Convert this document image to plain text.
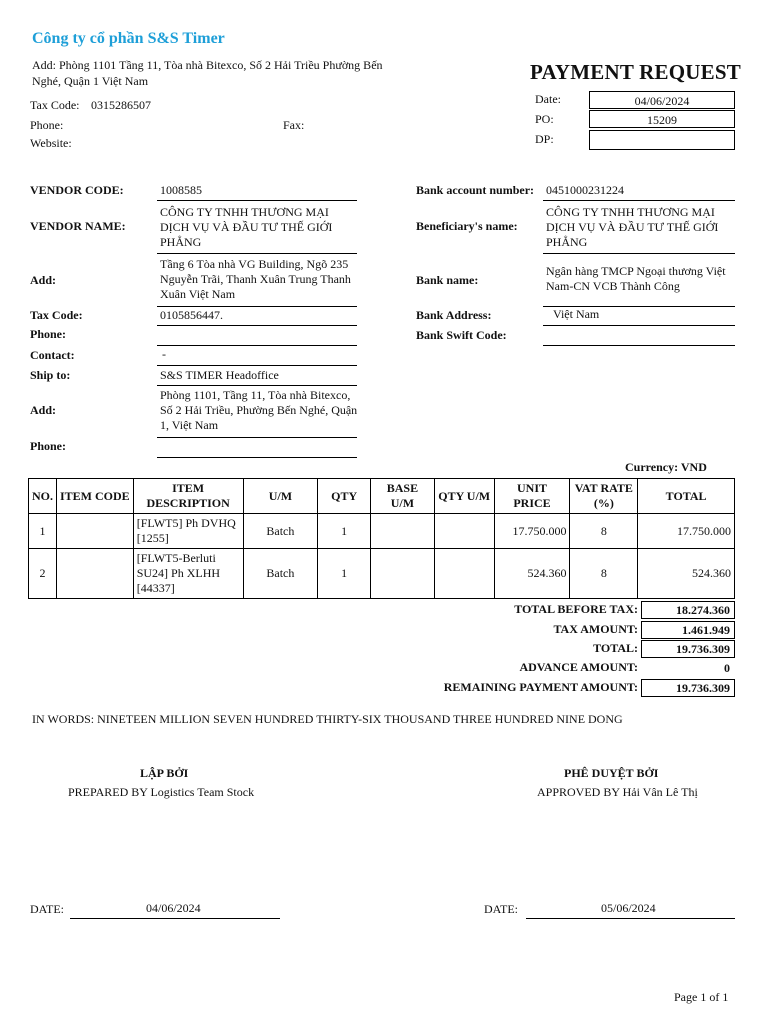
Công ty cổ phần S&S Timer
Add: Phòng 1101 Tầng 11, Tòa nhà Bitexco, Số 2 Hải Triều Phường Bến Nghé, Quận 1 Việt Nam
Tax Code: 0315286507
Phone:	Fax:
Website:
PAYMENT REQUEST
Date:	04/06/2024
PO:	15209
DP:
VENDOR CODE:	1008585
VENDOR NAME:
CÔNG TY TNHH THƯƠNG MẠI DỊCH VỤ VÀ ĐẦU TƯ THẾ GIỚI PHẲNG
Add:
Tầng 6 Tòa nhà VG Building, Ngõ 235 Nguyễn Trãi, Thanh Xuân Trung Thanh Xuân Việt Nam
Tax Code:	0105856447.
Phone:
Contact:	-
Ship to:	S&S TIMER Headoffice
Add:
Phòng 1101, Tầng 11, Tòa nhà Bitexco, Số 2 Hải Triều, Phường Bến Nghé, Quận 1, Việt Nam
Phone:
Bank account number: 0451000231224
Beneficiary's name:
CÔNG TY TNHH THƯƠNG MẠI DỊCH VỤ VÀ ĐẦU TƯ THẾ GIỚI PHẲNG
Bank name:
Ngân hàng TMCP Ngoại thương Việt Nam-CN VCB Thành Công
Bank Address:	Việt Nam
Bank Swift Code:
Currency: VND
NO.	ITEM CODE	ITEM DESCRIPTION	U/M	QTY	BASE U/M	QTY U/M	UNIT PRICE	VAT RATE (%)	TOTAL
1		[FLWT5] Ph DVHQ [1255]	Batch	1			17.750.000	8	17.750.000
2		[FLWT5-Berluti SU24] Ph XLHH [44337]	Batch	1			524.360	8	524.360
TOTAL BEFORE TAX:	18.274.360
TAX AMOUNT:	1.461.949
TOTAL:	19.736.309
ADVANCE AMOUNT:	0
REMAINING PAYMENT AMOUNT:	19.736.309
IN WORDS: NINETEEN MILLION SEVEN HUNDRED THIRTY-SIX THOUSAND THREE HUNDRED NINE DONG
LẬP BỞI
PREPARED BY Logistics Team Stock
PHÊ DUYỆT BỞI
APPROVED BY Hải Vân Lê Thị
DATE:	04/06/2024	DATE:	05/06/2024
Page 1 of 1
